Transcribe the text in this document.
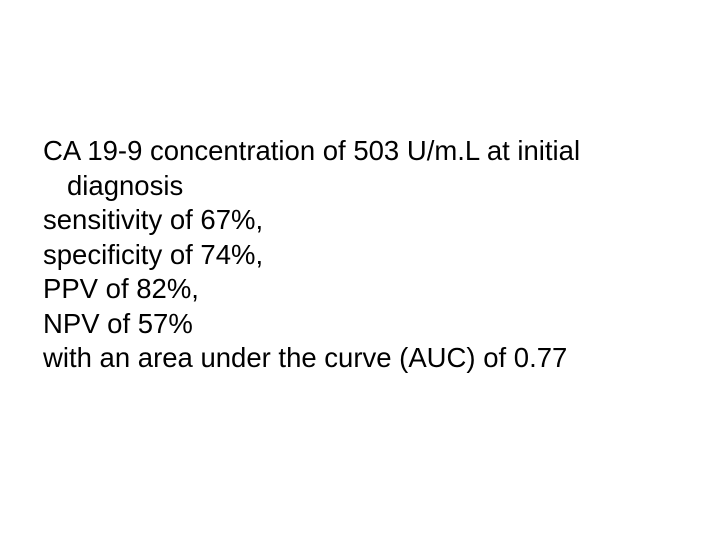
CA 19-9 concentration of 503 U/m.L at initial
diagnosis
sensitivity of 67%,
specificity of 74%,
PPV of 82%,
NPV of 57%
with an area under the curve (AUC) of 0.77
